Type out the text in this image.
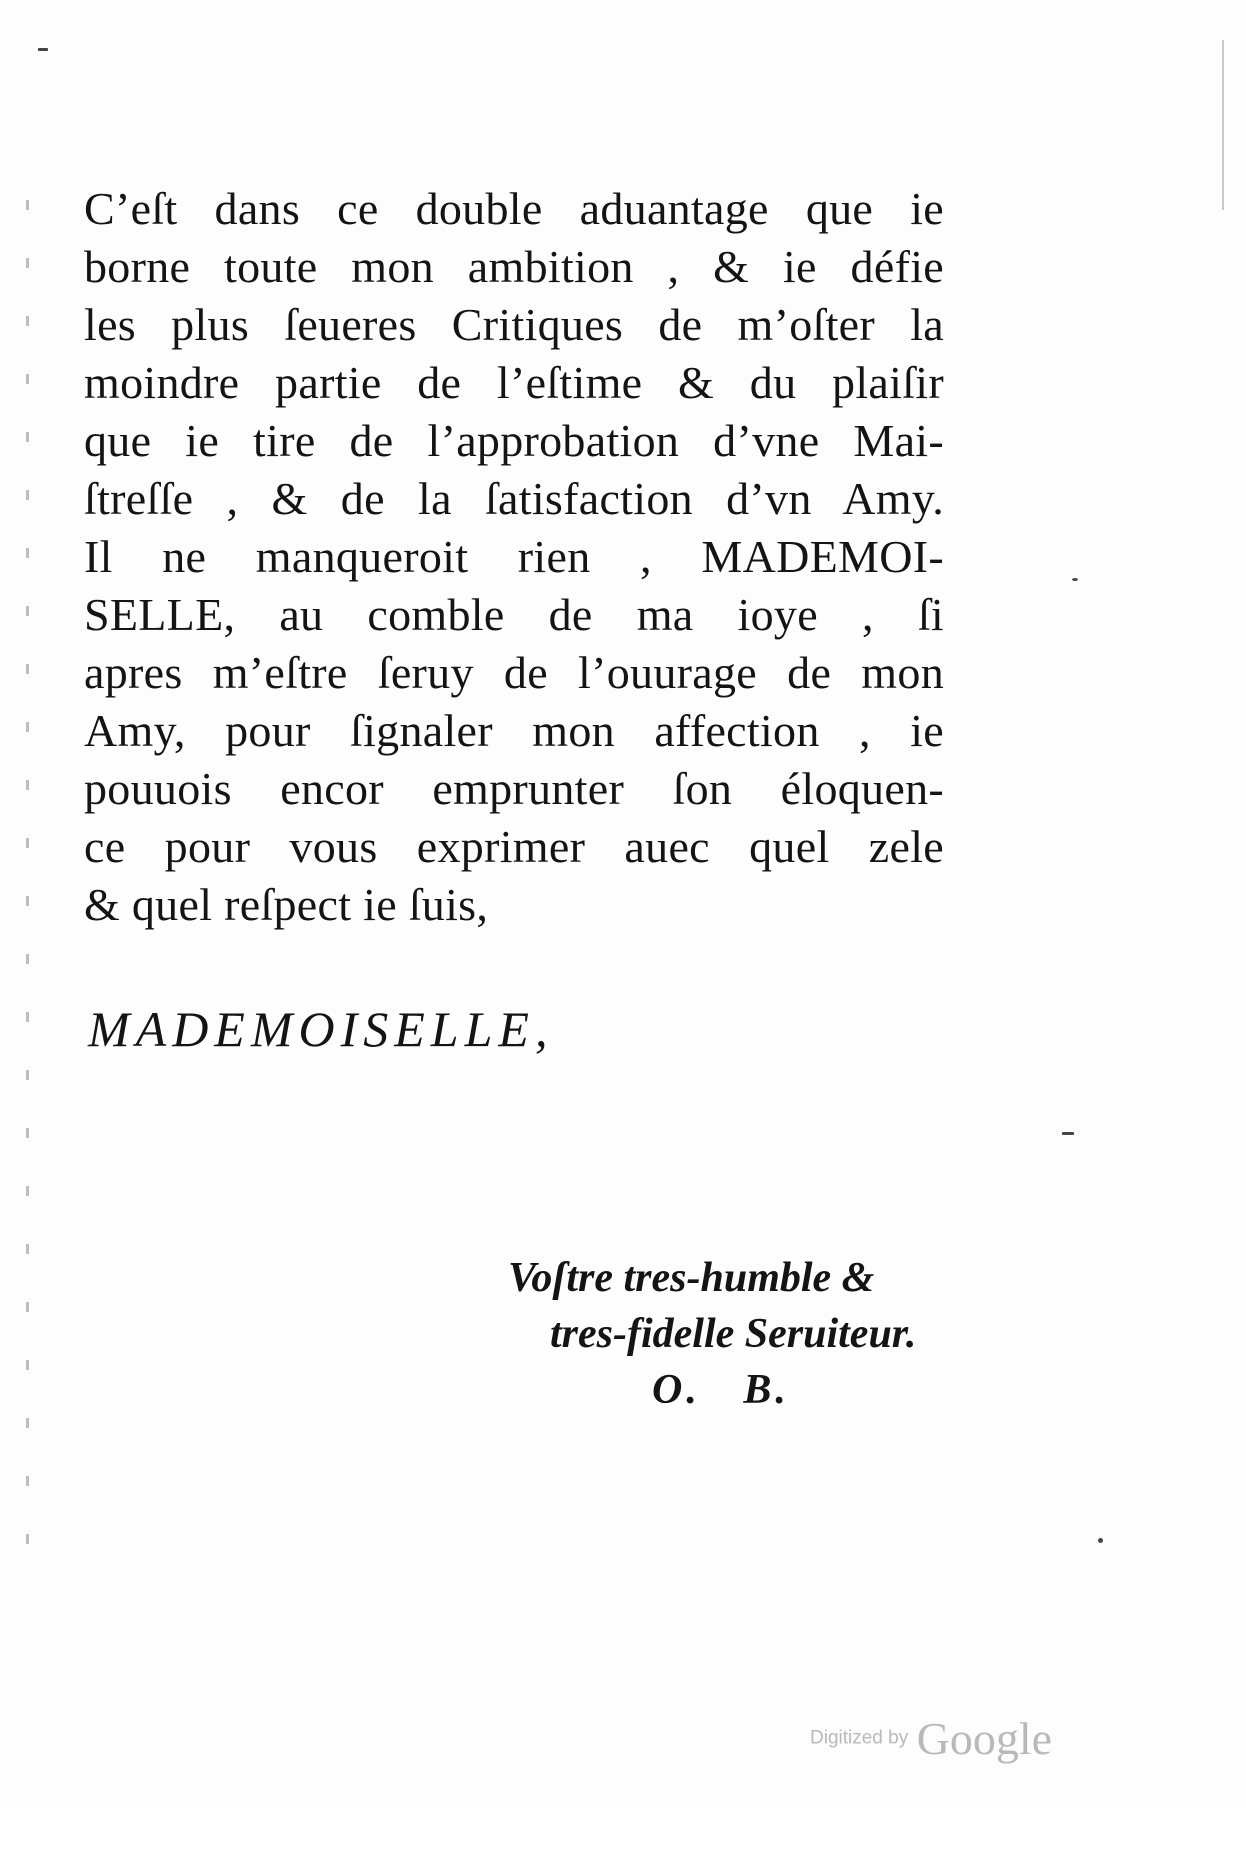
C’eſt dans ce double aduantage que ie
borne toute mon ambition , & ie défie
les plus ſeueres Critiques de m’oſter la
moindre partie de l’eſtime & du plaiſir
que ie tire de l’approbation d’vne Mai-
ſtreſſe , & de la ſatisfaction d’vn Amy.
Il ne manqueroit rien , MADEMOI-
SELLE, au comble de ma ioye , ſi
apres m’eſtre ſeruy de l’ouurage de mon
Amy, pour ſignaler mon affection , ie
pouuois encor emprunter ſon éloquen-
ce pour vous exprimer auec quel zele
& quel reſpect ie ſuis,
MADEMOISELLE,
Voſtre tres-humble &
tres-fidelle Seruiteur.
O. B.
Digitized by Google
